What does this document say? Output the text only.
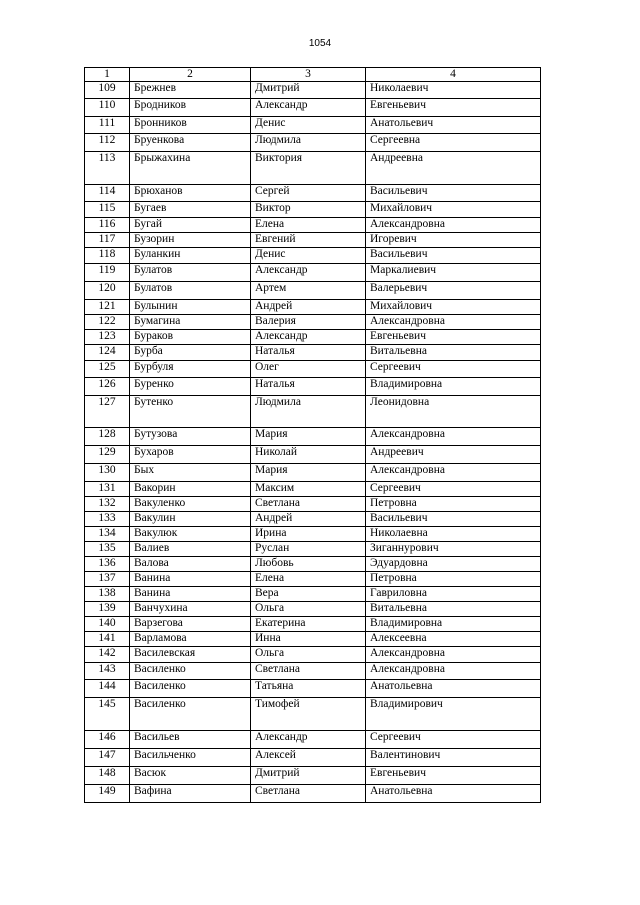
1054
1	2	3	4
109	Брежнев	Дмитрий	Николаевич
110	Бродников	Александр	Евгеньевич
111	Бронников	Денис	Анатольевич
112	Бруенкова	Людмила	Сергеевна
113	Брыжахина	Виктория	Андреевна
114	Брюханов	Сергей	Васильевич
115	Бугаев	Виктор	Михайлович
116	Бугай	Елена	Александровна
117	Бузорин	Евгений	Игоревич
118	Буланкин	Денис	Васильевич
119	Булатов	Александр	Маркалиевич
120	Булатов	Артем	Валерьевич
121	Булынин	Андрей	Михайлович
122	Бумагина	Валерия	Александровна
123	Бураков	Александр	Евгеньевич
124	Бурба	Наталья	Витальевна
125	Бурбуля	Олег	Сергеевич
126	Буренко	Наталья	Владимировна
127	Бутенко	Людмила	Леонидовна
128	Бутузова	Мария	Александровна
129	Бухаров	Николай	Андреевич
130	Бых	Мария	Александровна
131	Вакорин	Максим	Сергеевич
132	Вакуленко	Светлана	Петровна
133	Вакулин	Андрей	Васильевич
134	Вакулюк	Ирина	Николаевна
135	Валиев	Руслан	Зиганнурович
136	Валова	Любовь	Эдуардовна
137	Ванина	Елена	Петровна
138	Ванина	Вера	Гавриловна
139	Ванчухина	Ольга	Витальевна
140	Варзегова	Екатерина	Владимировна
141	Варламова	Инна	Алексеевна
142	Василевская	Ольга	Александровна
143	Василенко	Светлана	Александровна
144	Василенко	Татьяна	Анатольевна
145	Василенко	Тимофей	Владимирович
146	Васильев	Александр	Сергеевич
147	Васильченко	Алексей	Валентинович
148	Васюк	Дмитрий	Евгеньевич
149	Вафина	Светлана	Анатольевна
